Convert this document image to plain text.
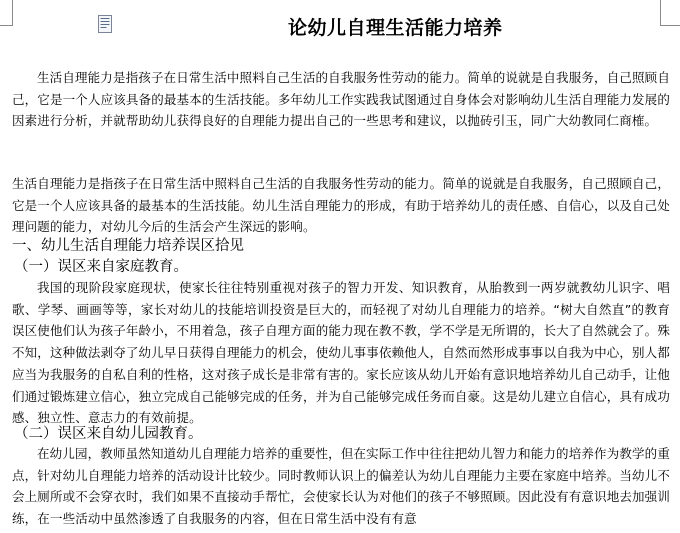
论幼儿自理生活能力培养
生活自理能力是指孩子在日常生活中照料自己生活的自我服务性劳动的能力。简单的说就是自我服务，自己照顾自己，它是一个人应该具备的最基本的生活技能。多年幼儿工作实践我试图通过自身体会对影响幼儿生活自理能力发展的因素进行分析，并就帮助幼儿获得良好的自理能力提出自己的一些思考和建议，以抛砖引玉，同广大幼教同仁商榷。
生活自理能力是指孩子在日常生活中照料自己生活的自我服务性劳动的能力。简单的说就是自我服务，自己照顾自己，它是一个人应该具备的最基本的生活技能。幼儿生活自理能力的形成，有助于培养幼儿的责任感、自信心，以及自己处理问题的能力，对幼儿今后的生活会产生深远的影响。
一、幼儿生活自理能力培养误区拾见
（一）误区来自家庭教育。
我国的现阶段家庭现状，使家长往往特别重视对孩子的智力开发、知识教育，从胎教到一两岁就教幼儿识字、唱歌、学琴、画画等等，家长对幼儿的技能培训投资是巨大的，而轻视了对幼儿自理能力的培养。“树大自然直”的教育误区使他们认为孩子年龄小，不用着急，孩子自理方面的能力现在教不教，学不学是无所谓的，长大了自然就会了。殊不知，这种做法剥夺了幼儿早日获得自理能力的机会，使幼儿事事依赖他人，自然而然形成事事以自我为中心，别人都应当为我服务的自私自利的性格，这对孩子成长是非常有害的。家长应该从幼儿开始有意识地培养幼儿自己动手，让他们通过锻炼建立信心，独立完成自己能够完成的任务，并为自己能够完成任务而自豪。这是幼儿建立自信心，具有成功感、独立性、意志力的有效前提。
（二）误区来自幼儿园教育。
在幼儿园，教师虽然知道幼儿自理能力培养的重要性，但在实际工作中往往把幼儿智力和能力的培养作为教学的重点，针对幼儿自理能力培养的活动设计比较少。同时教师认识上的偏差认为幼儿自理能力主要在家庭中培养。当幼儿不会上厕所或不会穿衣时，我们如果不直接动手帮忙，会使家长认为对他们的孩子不够照顾。因此没有有意识地去加强训练，在一些活动中虽然渗透了自我服务的内容，但在日常生活中没有有意
